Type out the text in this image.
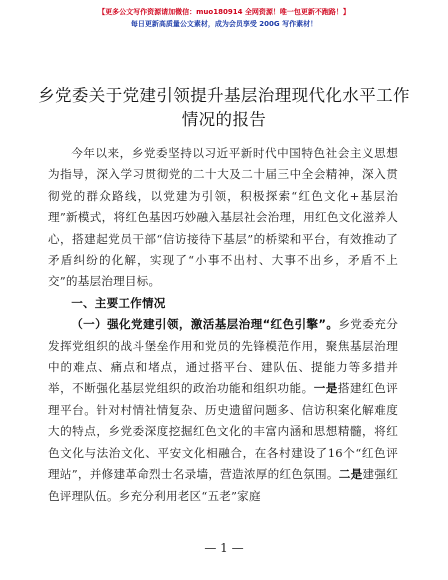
【更多公文写作资源请加微信：muo180914 全网资源！唯一包更新不跑路！】
每日更新高质量公文素材，成为会员享受 200G 写作素材！
乡党委关于党建引领提升基层治理现代化水平工作情况的报告

今年以来，乡党委坚持以习近平新时代中国特色社会主义思想为指导，深入学习贯彻党的二十大及二十届三中全会精神，深入贯彻党的群众路线，以党建为引领，积极探索“红色文化+基层治理”新模式，将红色基因巧妙融入基层社会治理，用红色文化滋养人心，搭建起党员干部“信访接待下基层”的桥梁和平台，有效推动了矛盾纠纷的化解，实现了“小事不出村、大事不出乡，矛盾不上交”的基层治理目标。

一、主要工作情况

（一）强化党建引领，激活基层治理“红色引擎”。乡党委充分发挥党组织的战斗堡垒作用和党员的先锋模范作用，聚焦基层治理中的难点、痛点和堵点，通过搭平台、建队伍、提能力等多措并举，不断强化基层党组织的政治功能和组织功能。一是搭建红色评理平台。针对村情社情复杂、历史遗留问题多、信访积案化解难度大的特点，乡党委深度挖掘红色文化的丰富内涵和思想精髓，将红色文化与法治文化、平安文化相融合，在各村建设了16个“红色评理站”，并修建革命烈士名录墙，营造浓厚的红色氛围。二是建强红色评理队伍。乡充分利用老区“五老”家庭

— 1 —
